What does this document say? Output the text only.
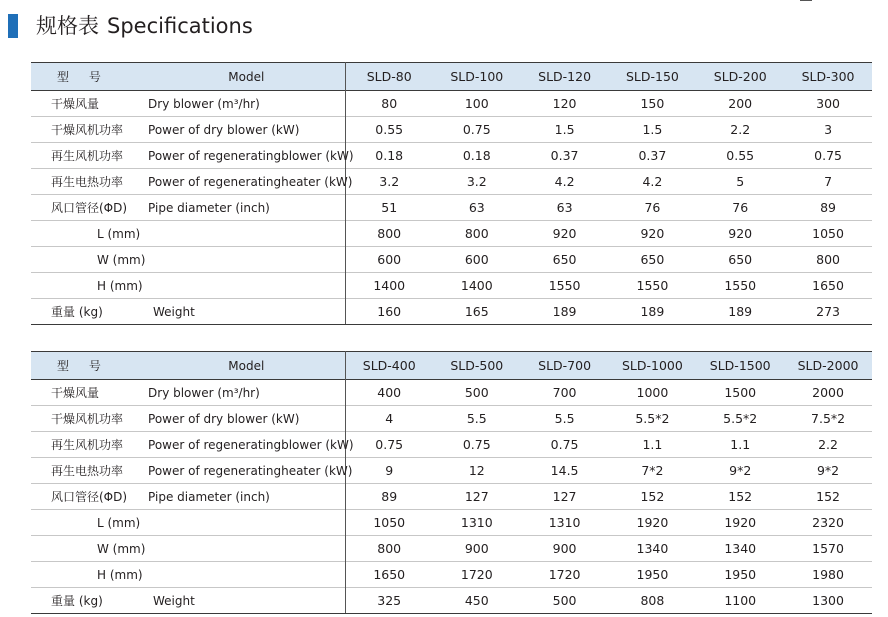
规格表 Specifications
型 号	Model	SLD-80	SLD-100	SLD-120	SLD-150	SLD-200	SLD-300
干燥风量	Dry blower (m³/hr)	80	100	120	150	200	300
干燥风机功率	Power of dry blower (kW)	0.55	0.75	1.5	1.5	2.2	3
再生风机功率	Power of regeneratingblower (kW)	0.18	0.18	0.37	0.37	0.55	0.75
再生电热功率	Power of regeneratingheater (kW)	3.2	3.2	4.2	4.2	5	7
风口管径(ΦD)	Pipe diameter (inch)	51	63	63	76	76	89
L (mm)		800	800	920	920	920	1050
W (mm)		600	600	650	650	650	800
H (mm)		1400	1400	1550	1550	1550	1650
重量 (kg)	Weight	160	165	189	189	189	273
型 号	Model	SLD-400	SLD-500	SLD-700	SLD-1000	SLD-1500	SLD-2000
干燥风量	Dry blower (m³/hr)	400	500	700	1000	1500	2000
干燥风机功率	Power of dry blower (kW)	4	5.5	5.5	5.5*2	5.5*2	7.5*2
再生风机功率	Power of regeneratingblower (kW)	0.75	0.75	0.75	1.1	1.1	2.2
再生电热功率	Power of regeneratingheater (kW)	9	12	14.5	7*2	9*2	9*2
风口管径(ΦD)	Pipe diameter (inch)	89	127	127	152	152	152
L (mm)		1050	1310	1310	1920	1920	2320
W (mm)		800	900	900	1340	1340	1570
H (mm)		1650	1720	1720	1950	1950	1980
重量 (kg)	Weight	325	450	500	808	1100	1300
